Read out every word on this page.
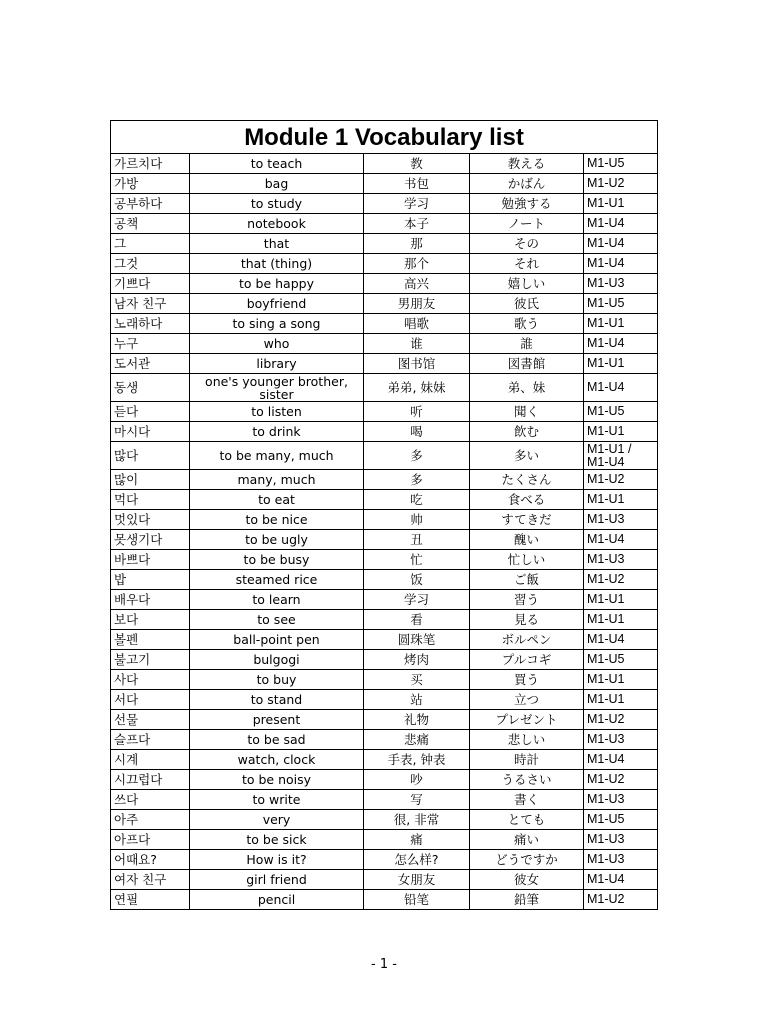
Module 1 Vocabulary list				
가르치다	to teach	教	教える	M1-U5
가방	bag	书包	かばん	M1-U2
공부하다	to study	学习	勉強する	M1-U1
공책	notebook	本子	ノート	M1-U4
그	that	那	その	M1-U4
그것	that (thing)	那个	それ	M1-U4
기쁘다	to be happy	高兴	嬉しい	M1-U3
남자 친구	boyfriend	男朋友	彼氏	M1-U5
노래하다	to sing a song	唱歌	歌う	M1-U1
누구	who	谁	誰	M1-U4
도서관	library	图书馆	図書館	M1-U1
동생	one's younger brother, sister	弟弟, 妹妹	弟、妹	M1-U4
듣다	to listen	听	聞く	M1-U5
마시다	to drink	喝	飲む	M1-U1
많다	to be many, much	多	多い	M1-U1 / M1-U4
많이	many, much	多	たくさん	M1-U2
먹다	to eat	吃	食べる	M1-U1
멋있다	to be nice	帅	すてきだ	M1-U3
못생기다	to be ugly	丑	醜い	M1-U4
바쁘다	to be busy	忙	忙しい	M1-U3
밥	steamed rice	饭	ご飯	M1-U2
배우다	to learn	学习	習う	M1-U1
보다	to see	看	見る	M1-U1
볼펜	ball-point pen	圆珠笔	ボルペン	M1-U4
불고기	bulgogi	烤肉	プルコギ	M1-U5
사다	to buy	买	買う	M1-U1
서다	to stand	站	立つ	M1-U1
선물	present	礼物	プレゼント	M1-U2
슬프다	to be sad	悲痛	悲しい	M1-U3
시계	watch, clock	手表, 钟表	時計	M1-U4
시끄럽다	to be noisy	吵	うるさい	M1-U2
쓰다	to write	写	書く	M1-U3
아주	very	很, 非常	とても	M1-U5
아프다	to be sick	痛	痛い	M1-U3
어때요?	How is it?	怎么样?	どうですか	M1-U3
여자 친구	girl friend	女朋友	彼女	M1-U4
연필	pencil	铅笔	鉛筆	M1-U2
- 1 -
